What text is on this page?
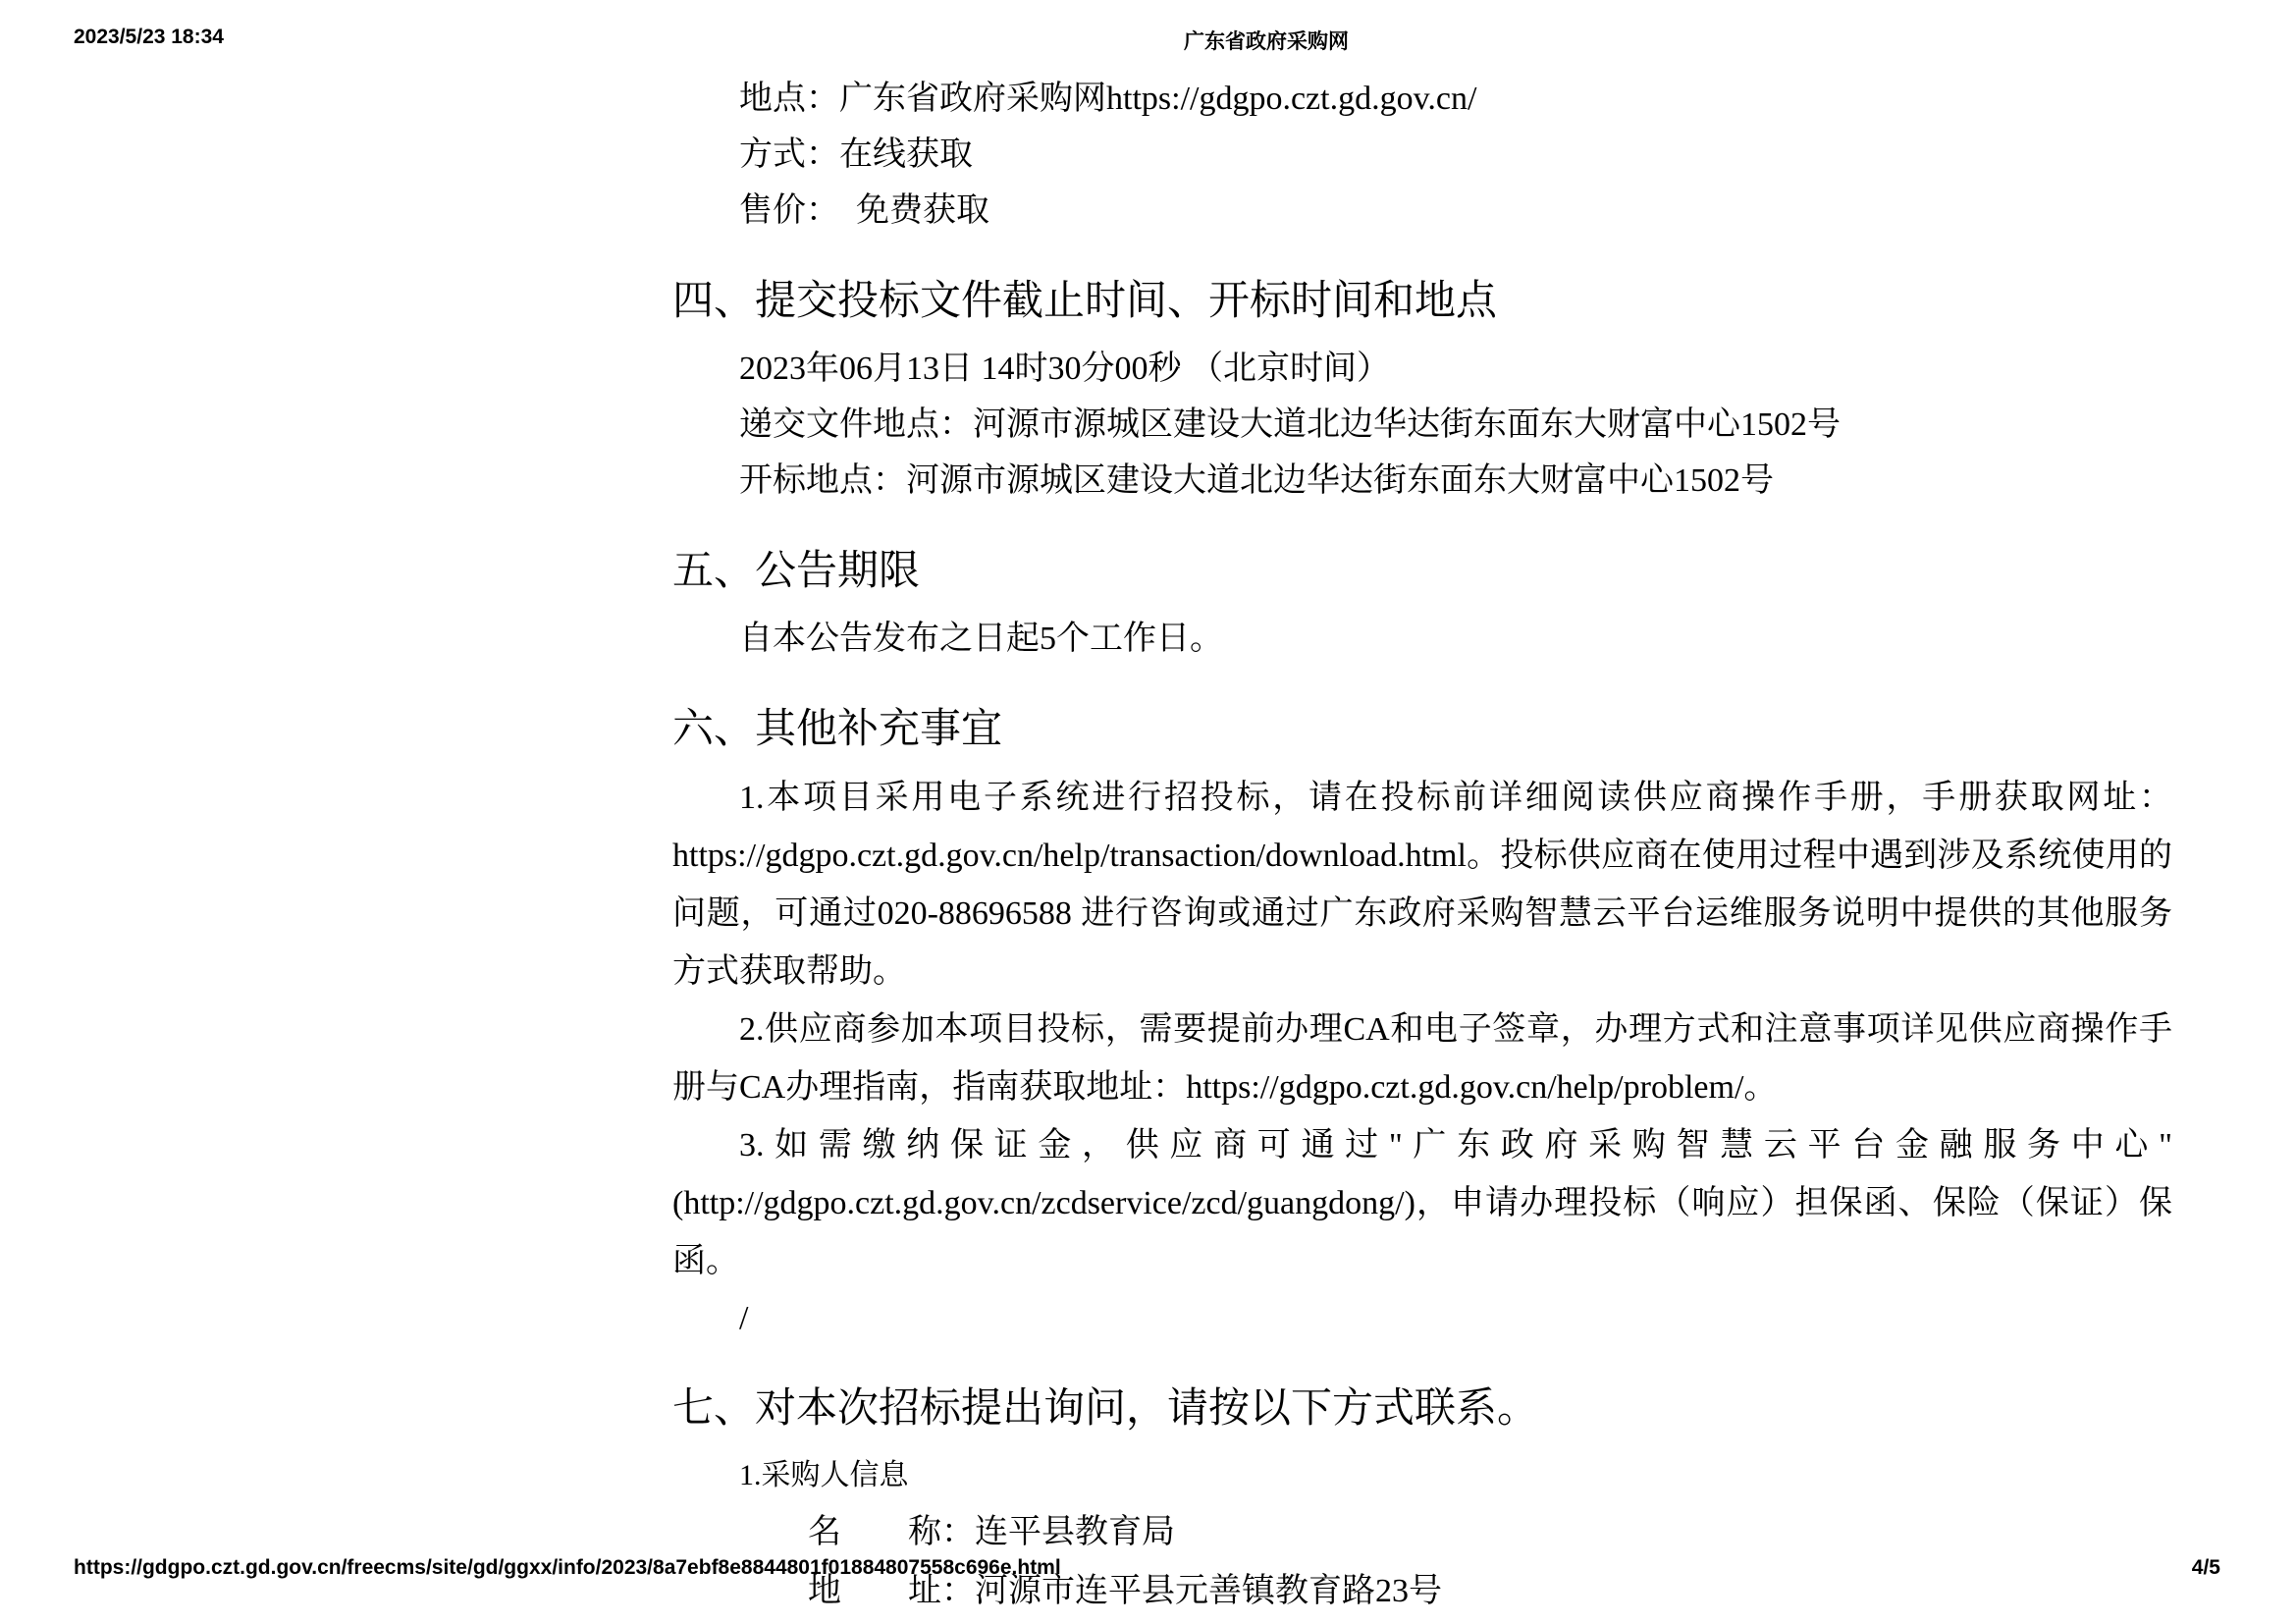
2023/5/23 18:34	广东省政府采购网
地点：广东省政府采购网https://gdgpo.czt.gd.gov.cn/
方式：在线获取
售价：　免费获取
四、提交投标文件截止时间、开标时间和地点
2023年06月13日 14时30分00秒 （北京时间）
递交文件地点：河源市源城区建设大道北边华达街东面东大财富中心1502号
开标地点：河源市源城区建设大道北边华达街东面东大财富中心1502号
五、公告期限
自本公告发布之日起5个工作日。
六、其他补充事宜

1.本项目采用电子系统进行招投标，请在投标前详细阅读供应商操作手册，手册获取网址：https://gdgpo.czt.gd.gov.cn/help/transaction/download.html。投标供应商在使用过程中遇到涉及系统使用的问题，可通过020-88696588 进行咨询或通过广东政府采购智慧云平台运维服务说明中提供的其他服务方式获取帮助。

2.供应商参加本项目投标，需要提前办理CA和电子签章，办理方式和注意事项详见供应商操作手册与CA办理指南，指南获取地址：https://gdgpo.czt.gd.gov.cn/help/problem/。

3.如需缴纳保证金，供应商可通过"广东政府采购智慧云平台金融服务中心"(http://gdgpo.czt.gd.gov.cn/zcdservice/zcd/guangdong/)，申请办理投标（响应）担保函、保险（保证）保函。

/
七、对本次招标提出询问，请按以下方式联系。
1.采购人信息
名　　称：连平县教育局
地　　址：河源市连平县元善镇教育路23号
https://gdgpo.czt.gd.gov.cn/freecms/site/gd/ggxx/info/2023/8a7ebf8e8844801f01884807558c696e.html	4/5
